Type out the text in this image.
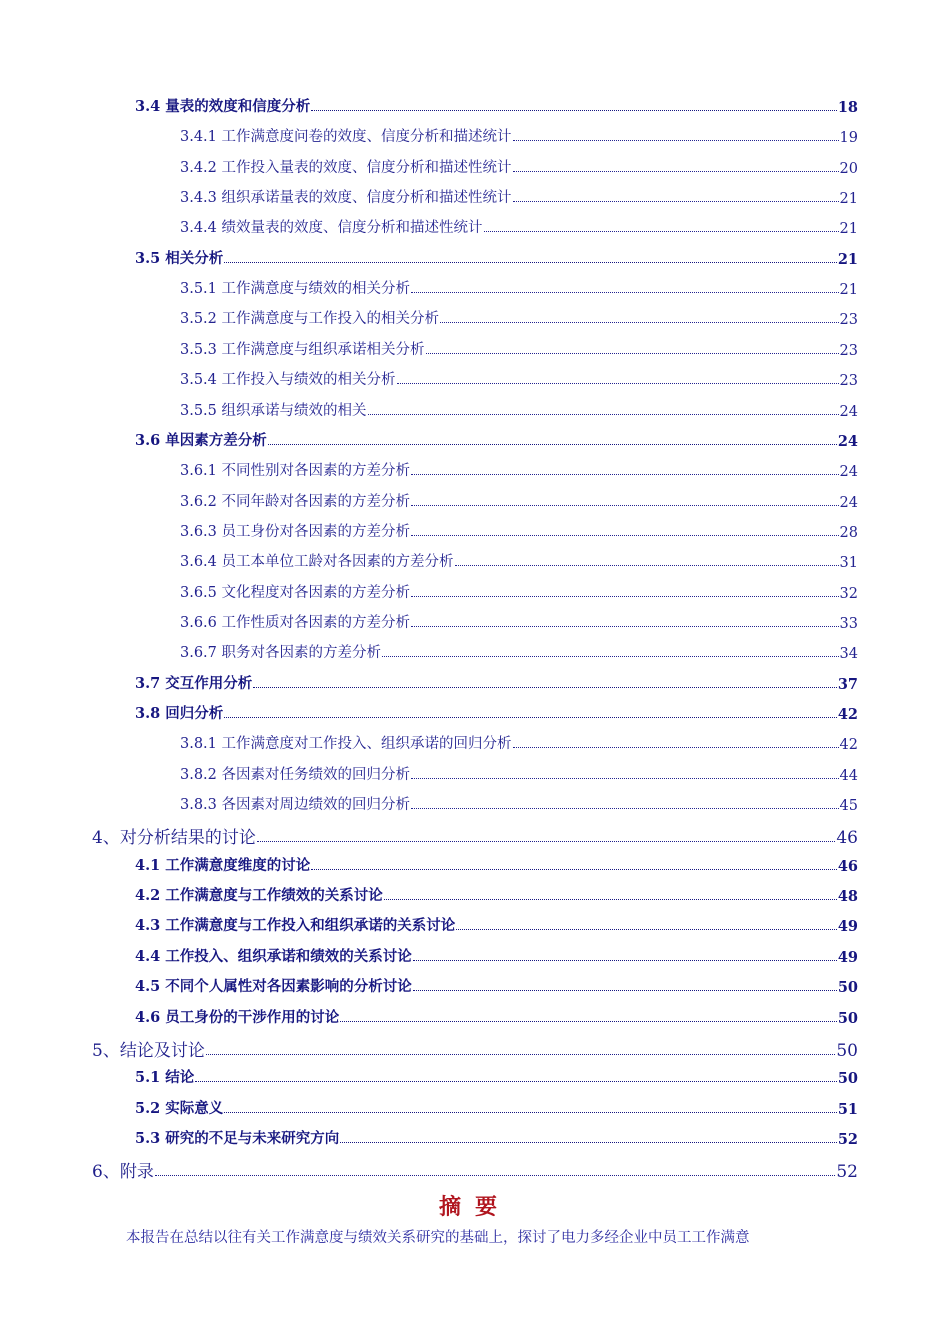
3.4 量表的效度和信度分析	18
3.4.1 工作满意度问卷的效度、信度分析和描述统计	19
3.4.2 工作投入量表的效度、信度分析和描述性统计	20
3.4.3 组织承诺量表的效度、信度分析和描述性统计	21
3.4.4 绩效量表的效度、信度分析和描述性统计	21
3.5 相关分析	21
3.5.1 工作满意度与绩效的相关分析	21
3.5.2 工作满意度与工作投入的相关分析	23
3.5.3 工作满意度与组织承诺相关分析	23
3.5.4 工作投入与绩效的相关分析	23
3.5.5 组织承诺与绩效的相关	24
3.6 单因素方差分析	24
3.6.1 不同性别对各因素的方差分析	24
3.6.2 不同年龄对各因素的方差分析	24
3.6.3 员工身份对各因素的方差分析	28
3.6.4 员工本单位工龄对各因素的方差分析	31
3.6.5 文化程度对各因素的方差分析	32
3.6.6 工作性质对各因素的方差分析	33
3.6.7 职务对各因素的方差分析	34
3.7 交互作用分析	37
3.8 回归分析	42
3.8.1 工作满意度对工作投入、组织承诺的回归分析	42
3.8.2 各因素对任务绩效的回归分析	44
3.8.3 各因素对周边绩效的回归分析	45
4、对分析结果的讨论	46
4.1 工作满意度维度的讨论	46
4.2 工作满意度与工作绩效的关系讨论	48
4.3 工作满意度与工作投入和组织承诺的关系讨论	49
4.4 工作投入、组织承诺和绩效的关系讨论	49
4.5 不同个人属性对各因素影响的分析讨论	50
4.6 员工身份的干涉作用的讨论	50
5、结论及讨论	50
5.1 结论	50
5.2 实际意义	51
5.3 研究的不足与未来研究方向	52
6、附录	52
摘要
本报告在总结以往有关工作满意度与绩效关系研究的基础上，探讨了电力多经企业中员工工作满意
